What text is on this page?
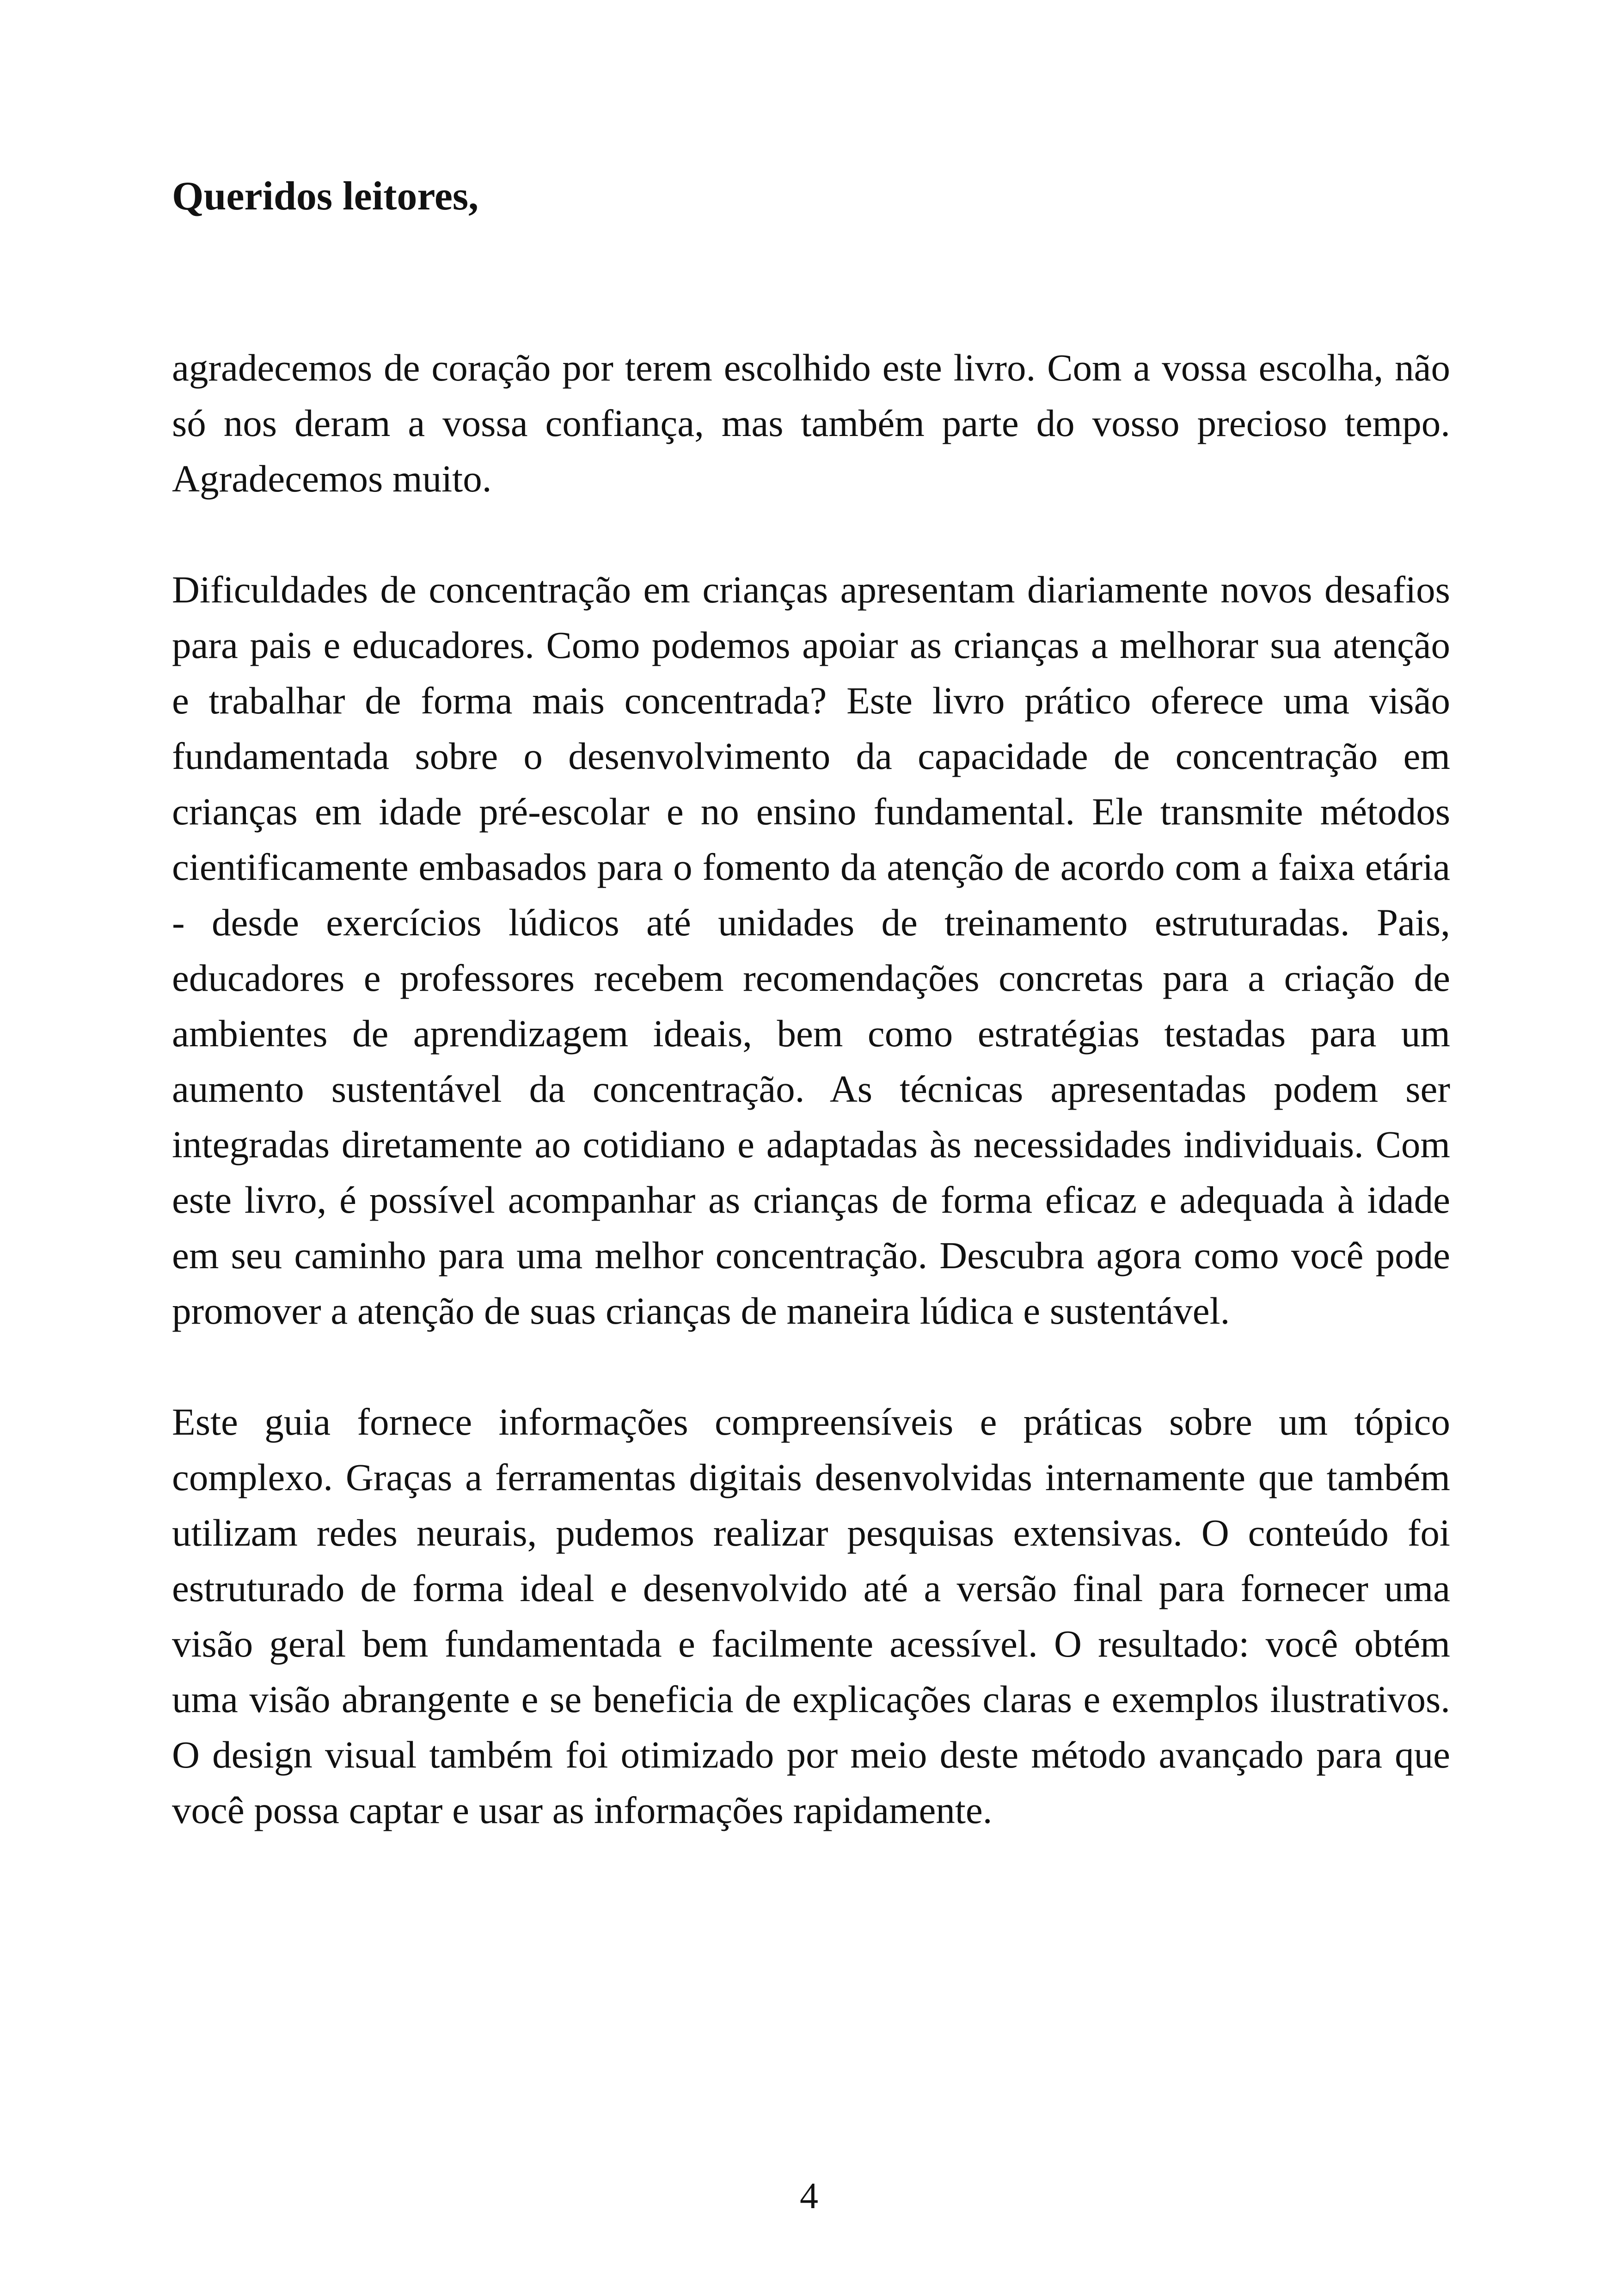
Queridos leitores,

agradecemos de coração por terem escolhido este livro. Com a vossa escolha, não só nos deram a vossa confiança, mas também parte do vosso precioso tempo. Agradecemos muito.

Dificuldades de concentração em crianças apresentam diariamente novos desafios para pais e educadores. Como podemos apoiar as crianças a melhorar sua atenção e trabalhar de forma mais concentrada? Este livro prático oferece uma visão fundamentada sobre o desenvolvimento da capacidade de concentração em crianças em idade pré-escolar e no ensino fundamental. Ele transmite métodos cientificamente embasados para o fomento da atenção de acordo com a faixa etária - desde exercícios lúdicos até unidades de treinamento estruturadas. Pais, educadores e professores recebem recomendações concretas para a criação de ambientes de aprendizagem ideais, bem como estratégias testadas para um aumento sustentável da concentração. As técnicas apresentadas podem ser integradas diretamente ao cotidiano e adaptadas às necessidades individuais. Com este livro, é possível acompanhar as crianças de forma eficaz e adequada à idade em seu caminho para uma melhor concentração. Descubra agora como você pode promover a atenção de suas crianças de maneira lúdica e sustentável.

Este guia fornece informações compreensíveis e práticas sobre um tópico complexo. Graças a ferramentas digitais desenvolvidas internamente que também utilizam redes neurais, pudemos realizar pesquisas extensivas. O conteúdo foi estruturado de forma ideal e desenvolvido até a versão final para fornecer uma visão geral bem fundamentada e facilmente acessível. O resultado: você obtém uma visão abrangente e se beneficia de explicações claras e exemplos ilustrativos. O design visual também foi otimizado por meio deste método avançado para que você possa captar e usar as informações rapidamente.

4
